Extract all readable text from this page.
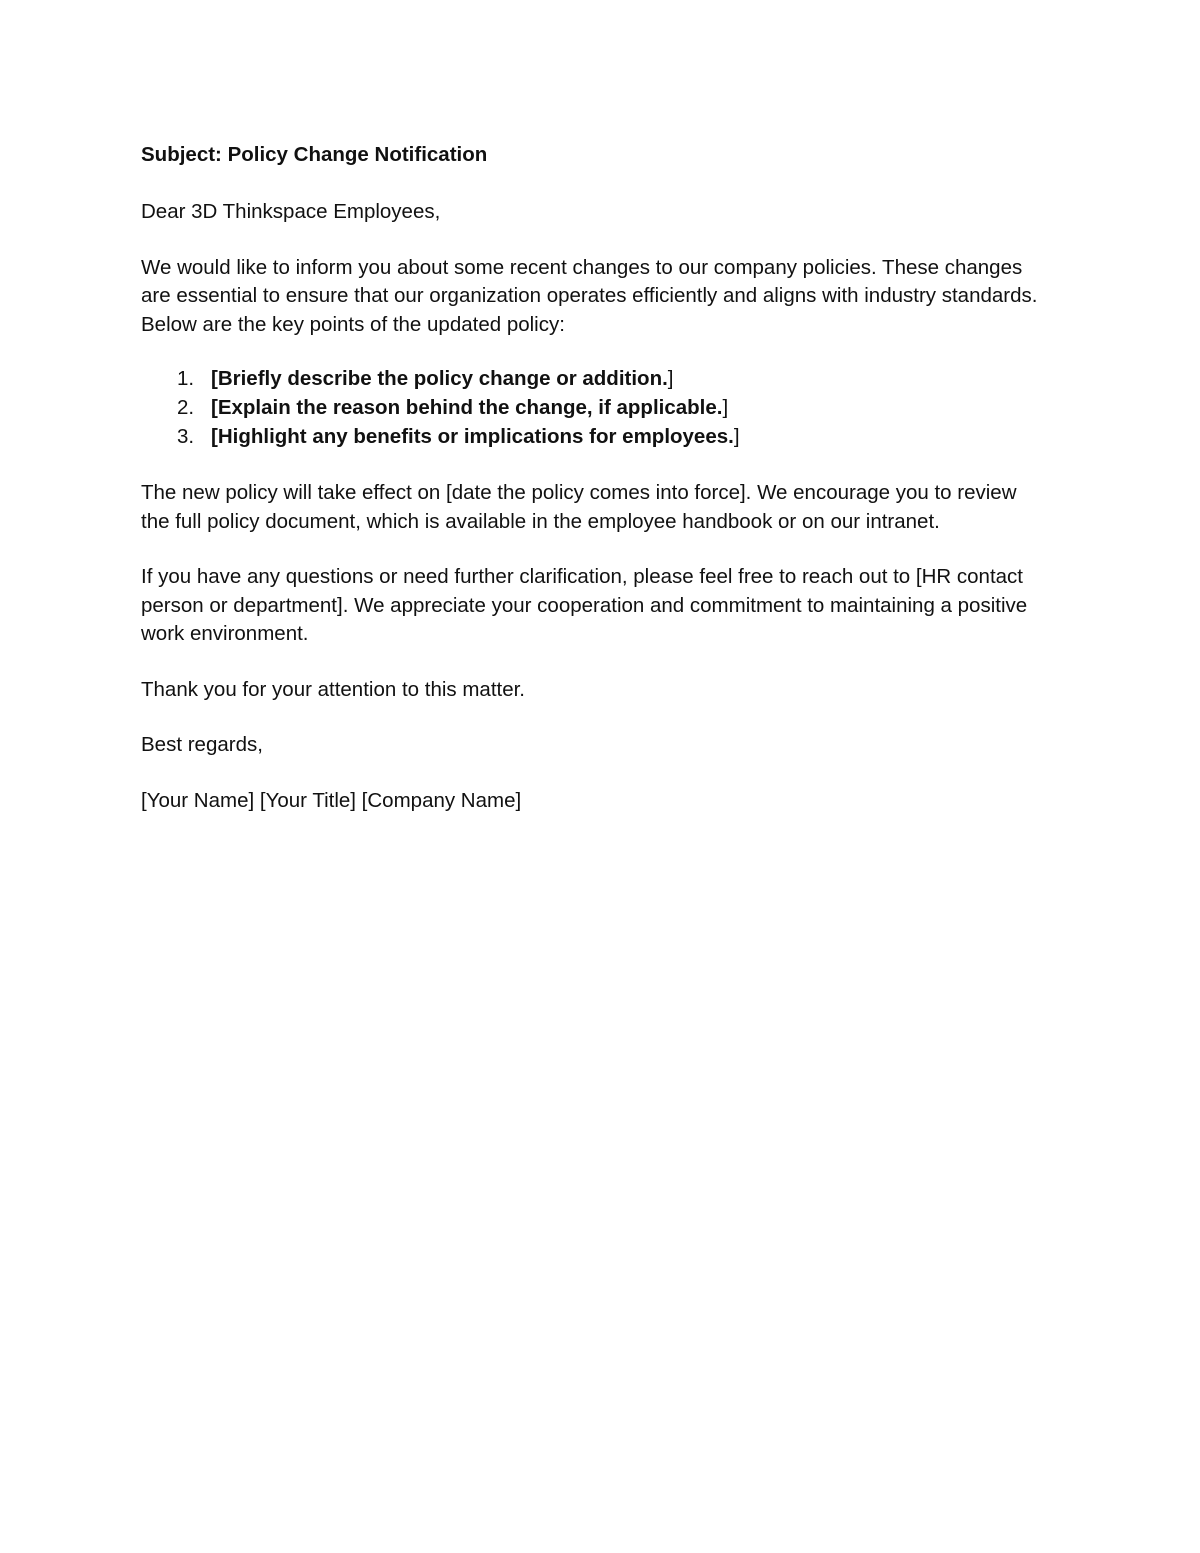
Subject: Policy Change Notification

Dear 3D Thinkspace Employees,

We would like to inform you about some recent changes to our company policies. These changes are essential to ensure that our organization operates efficiently and aligns with industry standards. Below are the key points of the updated policy:

1. [Briefly describe the policy change or addition.]
2. [Explain the reason behind the change, if applicable.]
3. [Highlight any benefits or implications for employees.]

The new policy will take effect on [date the policy comes into force]. We encourage you to review the full policy document, which is available in the employee handbook or on our intranet.

If you have any questions or need further clarification, please feel free to reach out to [HR contact person or department]. We appreciate your cooperation and commitment to maintaining a positive work environment.

Thank you for your attention to this matter.

Best regards,

[Your Name] [Your Title] [Company Name]
